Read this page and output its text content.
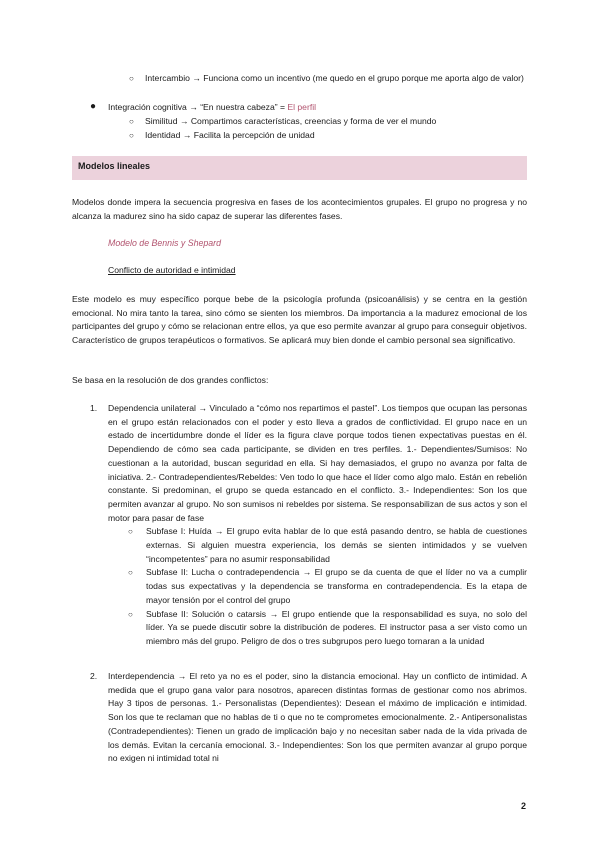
○ Intercambio → Funciona como un incentivo (me quedo en el grupo porque me aporta algo de valor)
● Integración cognitiva → “En nuestra cabeza” = El perfil
○ Similitud → Compartimos características, creencias y forma de ver el mundo
○ Identidad → Facilita la percepción de unidad
Modelos lineales

Modelos donde impera la secuencia progresiva en fases de los acontecimientos grupales. El grupo no progresa y no alcanza la madurez sino ha sido capaz de superar las diferentes fases.

Modelo de Bennis y Shepard
Conflicto de autoridad e intimidad

Este modelo es muy específico porque bebe de la psicología profunda (psicoanálisis) y se centra en la gestión emocional. No mira tanto la tarea, sino cómo se sienten los miembros. Da importancia a la madurez emocional de los participantes del grupo y cómo se relacionan entre ellos, ya que eso permite avanzar al grupo para conseguir objetivos. Característico de grupos terapéuticos o formativos. Se aplicará muy bien donde el cambio personal sea significativo.

Se basa en la resolución de dos grandes conflictos:

1. Dependencia unilateral → Vinculado a “cómo nos repartimos el pastel”. Los tiempos que ocupan las personas en el grupo están relacionados con el poder y esto lleva a grados de conflictividad. El grupo nace en un estado de incertidumbre donde el líder es la figura clave porque todos tienen expectativas puestas en él. Dependiendo de cómo sea cada participante, se dividen en tres perfiles. 1.- Dependientes/Sumisos: No cuestionan a la autoridad, buscan seguridad en ella. Si hay demasiados, el grupo no avanza por falta de iniciativa. 2.- Contradependientes/Rebeldes: Ven todo lo que hace el líder como algo malo. Están en rebelión constante. Si predominan, el grupo se queda estancado en el conflicto. 3.- Independientes: Son los que permiten avanzar al grupo. No son sumisos ni rebeldes por sistema. Se responsabilizan de sus actos y son el motor para pasar de fase
○ Subfase I: Huída → El grupo evita hablar de lo que está pasando dentro, se habla de cuestiones externas. Si alguien muestra experiencia, los demás se sienten intimidados y se vuelven “incompetentes” para no asumir responsabilidad
○ Subfase II: Lucha o contradependencia → El grupo se da cuenta de que el líder no va a cumplir todas sus expectativas y la dependencia se transforma en contradependencia. Es la etapa de mayor tensión por el control del grupo
○ Subfase II: Solución o catarsis → El grupo entiende que la responsabilidad es suya, no solo del líder. Ya se puede discutir sobre la distribución de poderes. El instructor pasa a ser visto como un miembro más del grupo. Peligro de dos o tres subgrupos pero luego tornaran a la unidad
2. Interdependencia → El reto ya no es el poder, sino la distancia emocional. Hay un conflicto de intimidad. A medida que el grupo gana valor para nosotros, aparecen distintas formas de gestionar como nos abrimos. Hay 3 tipos de personas. 1.- Personalistas (Dependientes): Desean el máximo de implicación e intimidad. Son los que te reclaman que no hablas de ti o que no te comprometes emocionalmente. 2.- Antipersonalistas (Contradependientes): Tienen un grado de implicación bajo y no necesitan saber nada de la vida privada de los demás. Evitan la cercanía emocional. 3.- Independientes: Son los que permiten avanzar al grupo porque no exigen ni intimidad total ni
2
